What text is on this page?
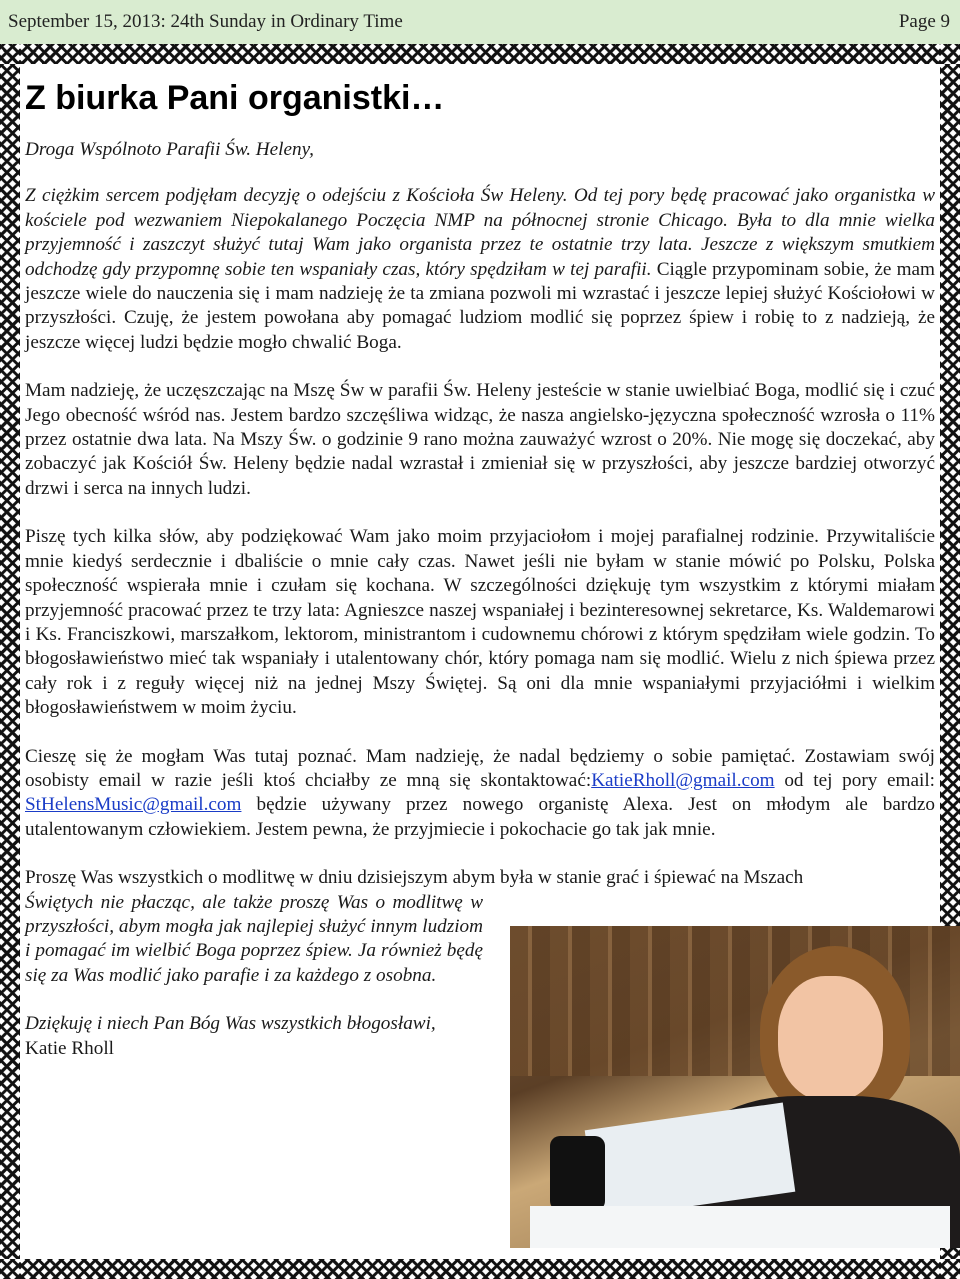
September 15, 2013: 24th Sunday in Ordinary Time	Page 9
Z biurka Pani organistki…

Droga Wspólnoto Parafii Św. Heleny,

Z ciężkim sercem podjęłam decyzję o odejściu z Kościoła Św Heleny. Od tej pory będę pracować jako organistka w kościele pod wezwaniem Niepokalanego Poczęcia NMP na północnej stronie Chicago. Była to dla mnie wielka przyjemność i zaszczyt służyć tutaj Wam jako organista przez te ostatnie trzy lata. Jeszcze z większym smutkiem odchodzę gdy przypomnę sobie ten wspaniały czas, który spędziłam w tej parafii. Ciągle przypominam sobie, że mam jeszcze wiele do nauczenia się i mam nadzieję że ta zmiana pozwoli mi wzrastać i jeszcze lepiej służyć Kościołowi w przyszłości. Czuję, że jestem powołana aby pomagać ludziom modlić się poprzez śpiew i robię to z nadzieją, że jeszcze więcej ludzi będzie mogło chwalić Boga.

Mam nadzieję, że uczęszczając na Mszę Św w parafii Św. Heleny jesteście w stanie uwielbiać Boga, modlić się i czuć Jego obecność wśród nas. Jestem bardzo szczęśliwa widząc, że nasza angielsko-języczna społeczność wzrosła o 11% przez ostatnie dwa lata. Na Mszy Św. o godzinie 9 rano można zauważyć wzrost o 20%. Nie mogę się doczekać, aby zobaczyć jak Kościół Św. Heleny będzie nadal wzrastał i zmieniał się w przyszłości, aby jeszcze bardziej otworzyć drzwi i serca na innych ludzi.

Piszę tych kilka słów, aby podziękować Wam jako moim przyjaciołom i mojej parafialnej rodzinie. Przywitaliście mnie kiedyś serdecznie i dbaliście o mnie cały czas. Nawet jeśli nie byłam w stanie mówić po Polsku, Polska społeczność wspierała mnie i czułam się kochana. W szczególności dziękuję tym wszystkim z którymi miałam przyjemność pracować przez te trzy lata: Agnieszce naszej wspaniałej i bezinteresownej sekretarce, Ks. Waldemarowi i Ks. Franciszkowi, marszałkom, lektorom, ministrantom i cudownemu chórowi z którym spędziłam wiele godzin. To błogosławieństwo mieć tak wspaniały i utalentowany chór, który pomaga nam się modlić. Wielu z nich śpiewa przez cały rok i z reguły więcej niż na jednej Mszy Świętej. Są oni dla mnie wspaniałymi przyjaciółmi i wielkim błogosławieństwem w moim życiu.

Cieszę się że mogłam Was tutaj poznać. Mam nadzieję, że nadal będziemy o sobie pamiętać. Zostawiam swój osobisty email w razie jeśli ktoś chciałby ze mną się skontaktować:KatieRholl@gmail.com od tej pory email: StHelensMusic@gmail.com będzie używany przez nowego organistę Alexa. Jest on młodym ale bardzo utalentowanym człowiekiem. Jestem pewna, że przyjmiecie i pokochacie go tak jak mnie.

Proszę Was wszystkich o modlitwę w dniu dzisiejszym abym była w stanie grać i śpiewać na Mszach

Świętych nie płacząc, ale także proszę Was o modlitwę w przyszłości, abym mogła jak najlepiej służyć innym ludziom i pomagać im wielbić Boga poprzez śpiew. Ja również będę się za Was modlić jako parafie i za każdego z osobna.

Dziękuję i niech Pan Bóg Was wszystkich błogosławi,

Katie Rholl
